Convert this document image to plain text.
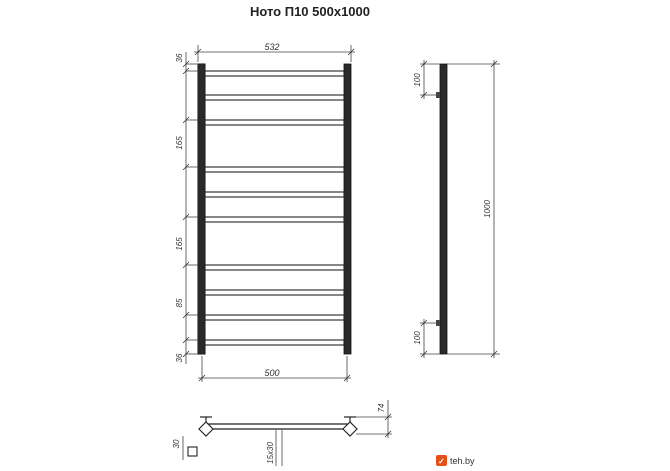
Ното П10 500х1000
532
500
36
165
165
85
36
100
100
1000
74
15x30
30
✓ teh.by
